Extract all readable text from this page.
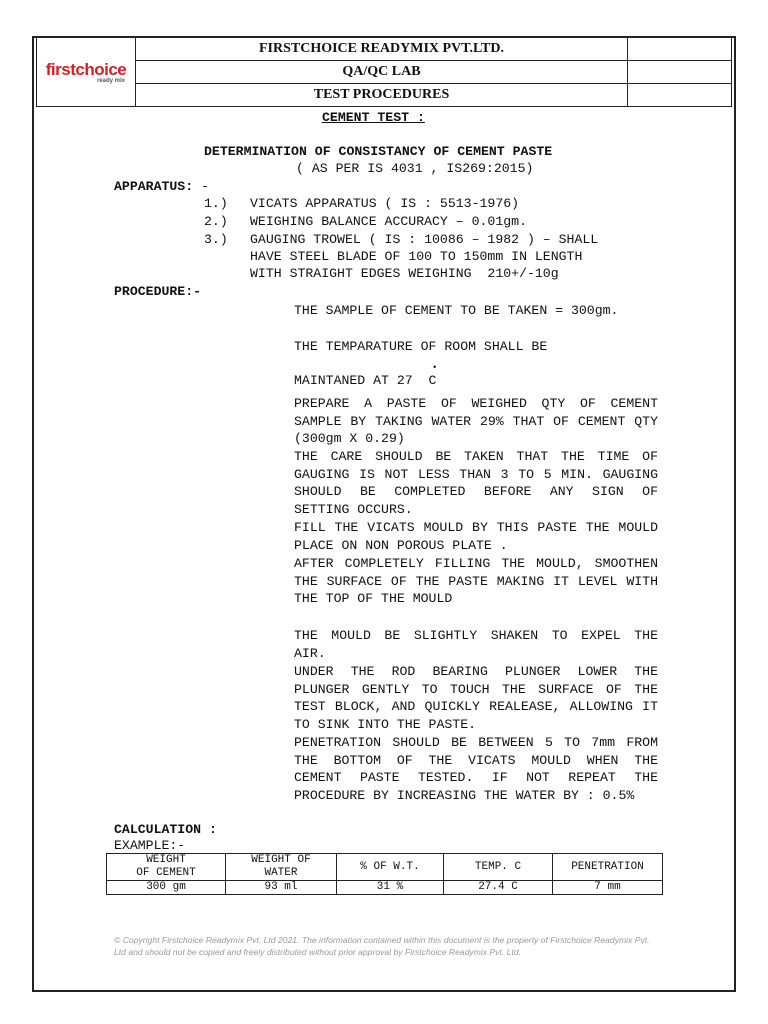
firstchoice
ready mix	FIRSTCHOICE READYMIX PVT.LTD.	
	QA/QC LAB	
	TEST PROCEDURES	
CEMENT TEST :
DETERMINATION OF CONSISTANCY OF CEMENT PASTE
( AS PER IS 4031 , IS269:2015)
APPARATUS: -
1.) VICATS APPARATUS ( IS : 5513-1976)
2.) WEIGHING BALANCE ACCURACY – 0.01gm.
3.) GAUGING TROWEL ( IS : 10086 – 1982 ) – SHALL
HAVE STEEL BLADE OF 100 TO 150mm IN LENGTH
WITH STRAIGHT EDGES WEIGHING  210+/-10g
PROCEDURE:-
THE SAMPLE OF CEMENT TO BE TAKEN = 300gm.
THE TEMPARATURE OF ROOM SHALL BE
•
MAINTANED AT 27 C
PREPARE A PASTE OF WEIGHED QTY OF CEMENT SAMPLE BY TAKING WATER 29% THAT OF CEMENT QTY (300gm X 0.29)
THE CARE SHOULD BE TAKEN THAT THE TIME OF GAUGING IS NOT LESS THAN 3 TO 5 MIN. GAUGING SHOULD BE COMPLETED BEFORE ANY SIGN OF SETTING OCCURS.
FILL THE VICATS MOULD BY THIS PASTE THE MOULD PLACE ON NON POROUS PLATE .
AFTER COMPLETELY FILLING THE MOULD, SMOOTHEN THE SURFACE OF THE PASTE MAKING IT LEVEL WITH THE TOP OF THE MOULD
THE MOULD BE SLIGHTLY SHAKEN TO EXPEL THE AIR.
UNDER THE ROD BEARING PLUNGER LOWER THE PLUNGER GENTLY TO TOUCH THE SURFACE OF THE TEST BLOCK, AND QUICKLY REALEASE, ALLOWING IT TO SINK INTO THE PASTE.
PENETRATION SHOULD BE BETWEEN 5 TO 7mm FROM THE BOTTOM OF THE VICATS MOULD WHEN THE CEMENT PASTE TESTED. IF NOT REPEAT THE PROCEDURE BY INCREASING THE WATER BY : 0.5%
CALCULATION :
EXAMPLE:-
WEIGHT
OF CEMENT	WEIGHT OF
WATER	% OF W.T.	TEMP. C	PENETRATION
300 gm	93 ml	31 %	27.4 C	7 mm
© Copyright Firstchoice Readymix Pvt. Ltd 2021. The information contained within this document is the property of Firstchoice Readymix Pvt. Ltd and should not be copied and freely distributed without prior approval by Firstchoice Readymix Pvt. Ltd.
